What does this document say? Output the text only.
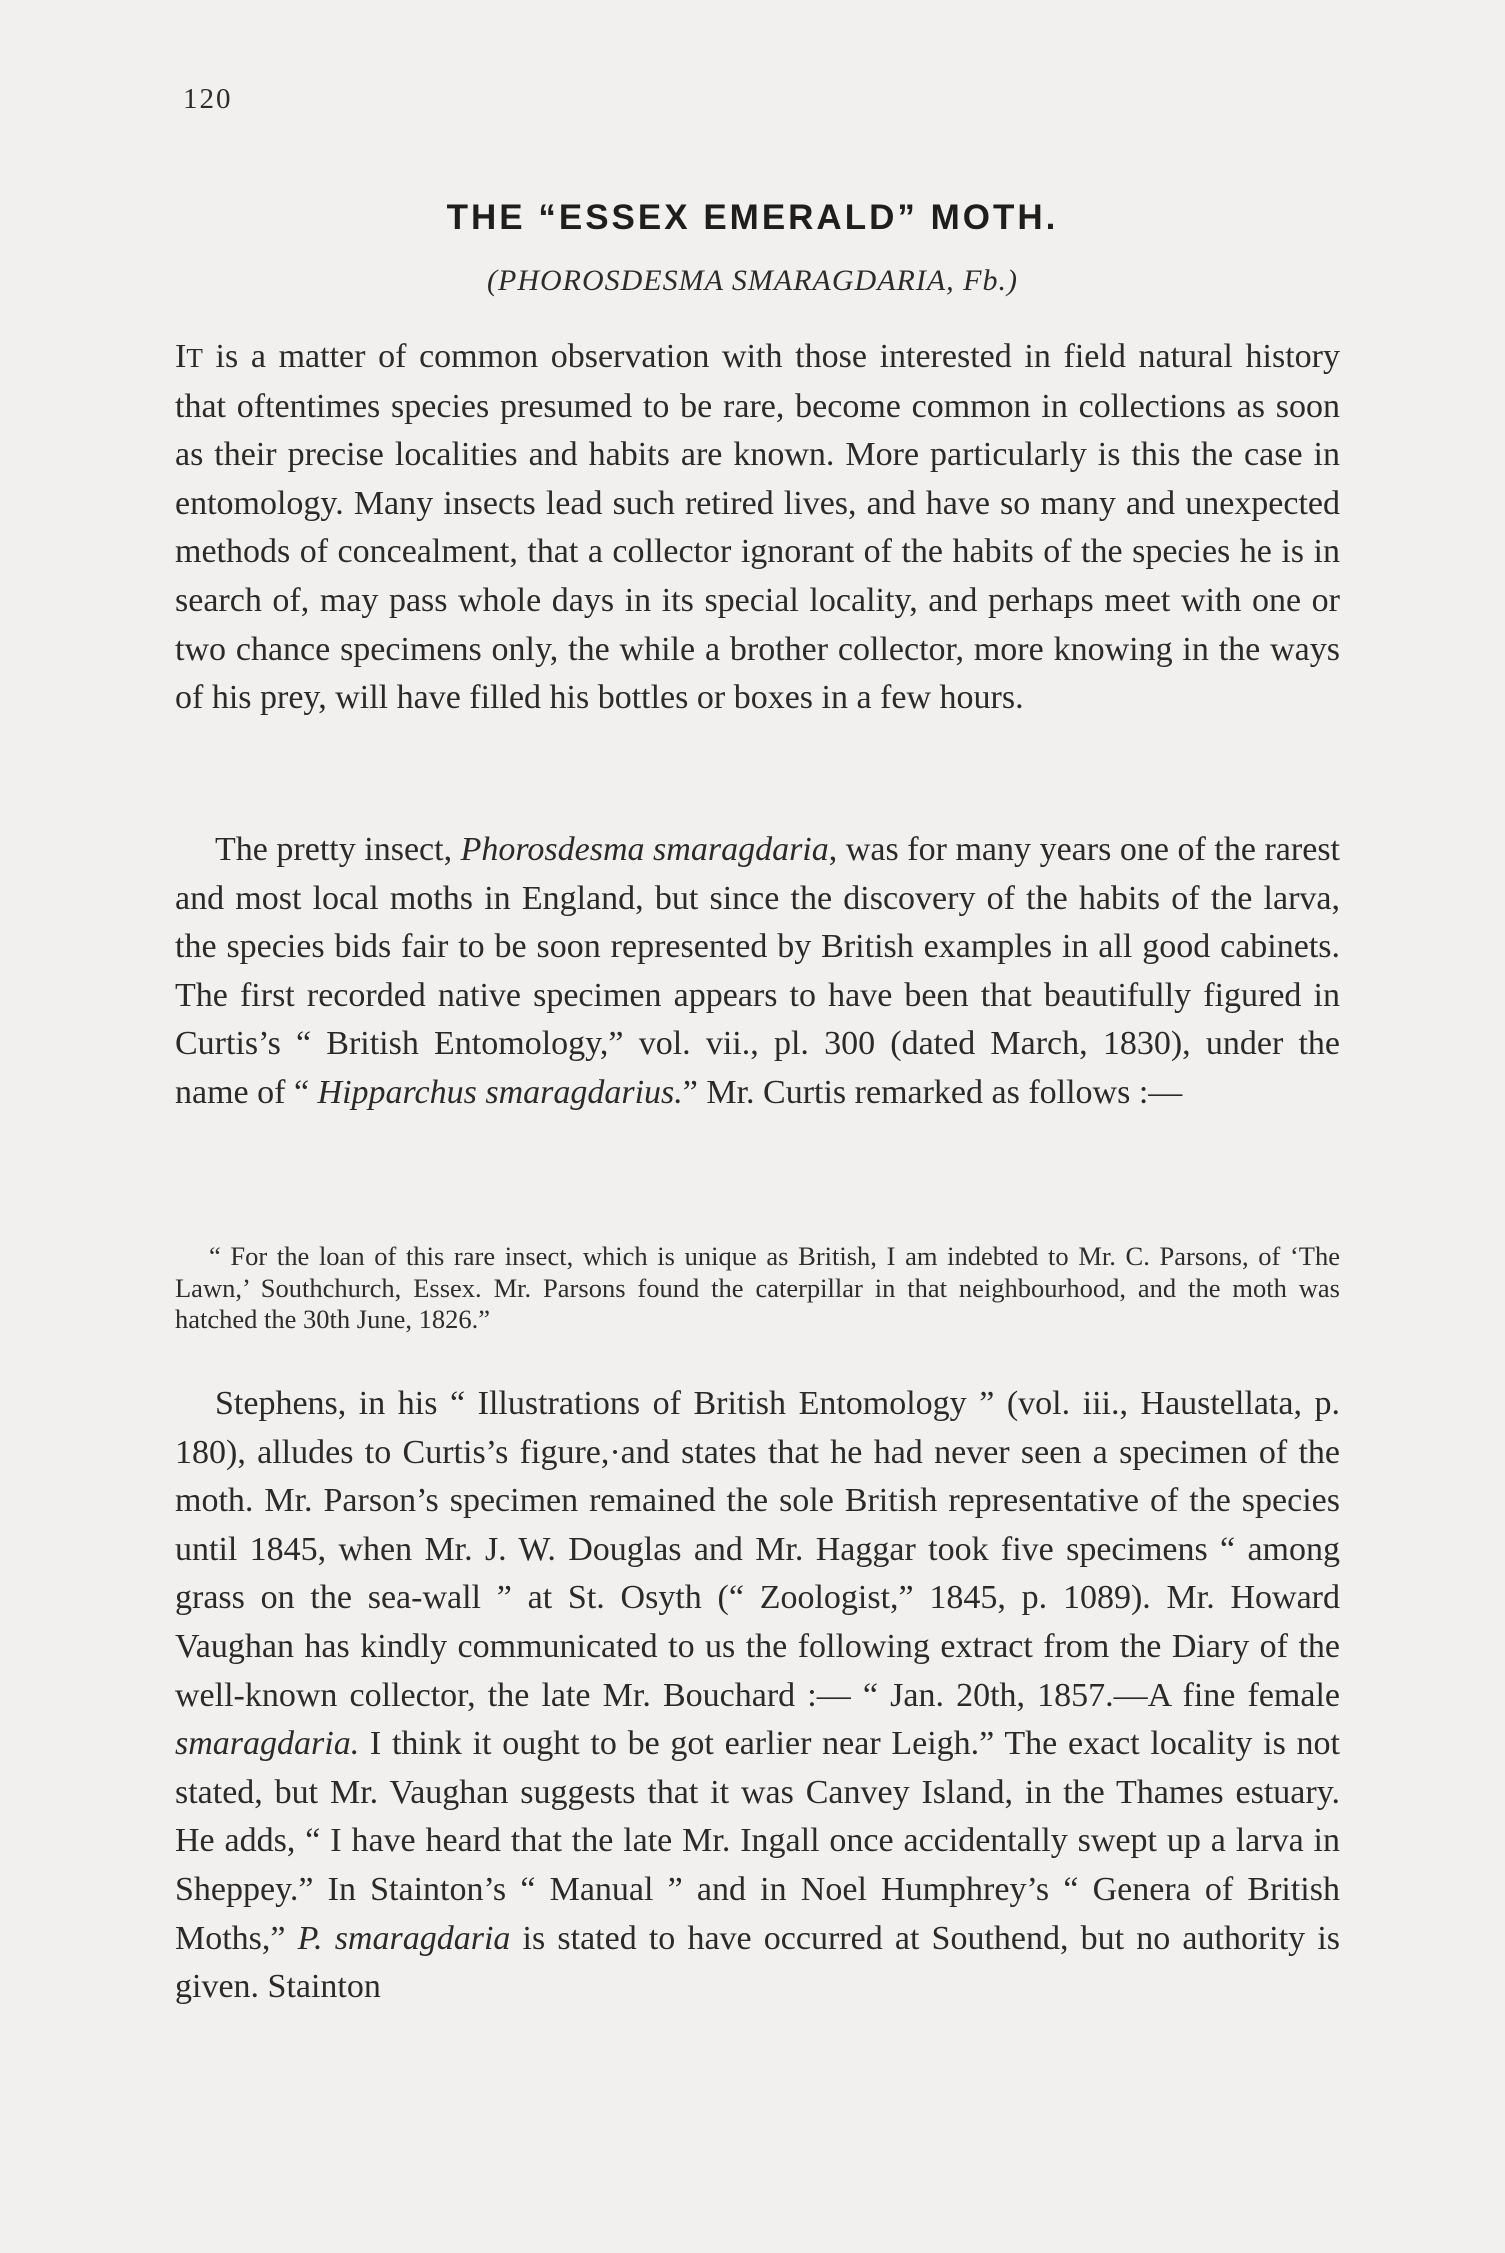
120
THE “ESSEX EMERALD” MOTH.
(PHOROSDESMA SMARAGDARIA, Fb.)

IT is a matter of common observation with those interested in field natural history that oftentimes species presumed to be rare, become common in collections as soon as their precise localities and habits are known. More particularly is this the case in entomology. Many insects lead such retired lives, and have so many and unexpected methods of concealment, that a collector ignorant of the habits of the species he is in search of, may pass whole days in its special locality, and perhaps meet with one or two chance specimens only, the while a brother collector, more knowing in the ways of his prey, will have filled his bottles or boxes in a few hours.

The pretty insect, Phorosdesma smaragdaria, was for many years one of the rarest and most local moths in England, but since the discovery of the habits of the larva, the species bids fair to be soon represented by British examples in all good cabinets. The first recorded native specimen appears to have been that beautifully figured in Curtis’s “ British Entomology,” vol. vii., pl. 300 (dated March, 1830), under the name of “ Hipparchus smaragdarius.” Mr. Curtis remarked as follows :—

“ For the loan of this rare insect, which is unique as British, I am indebted to Mr. C. Parsons, of ‘The Lawn,’ Southchurch, Essex. Mr. Parsons found the caterpillar in that neighbourhood, and the moth was hatched the 30th June, 1826.”

Stephens, in his “ Illustrations of British Entomology ” (vol. iii., Haustellata, p. 180), alludes to Curtis’s figure,·and states that he had never seen a specimen of the moth. Mr. Parson’s specimen remained the sole British representative of the species until 1845, when Mr. J. W. Douglas and Mr. Haggar took five specimens “ among grass on the sea-wall ” at St. Osyth (“ Zoologist,” 1845, p. 1089). Mr. Howard Vaughan has kindly communicated to us the following extract from the Diary of the well-known collector, the late Mr. Bouchard :— “ Jan. 20th, 1857.—A fine female smaragdaria. I think it ought to be got earlier near Leigh.” The exact locality is not stated, but Mr. Vaughan suggests that it was Canvey Island, in the Thames estuary. He adds, “ I have heard that the late Mr. Ingall once accidentally swept up a larva in Sheppey.” In Stainton’s “ Manual ” and in Noel Humphrey’s “ Genera of British Moths,” P. smaragdaria is stated to have occurred at Southend, but no authority is given. Stainton
